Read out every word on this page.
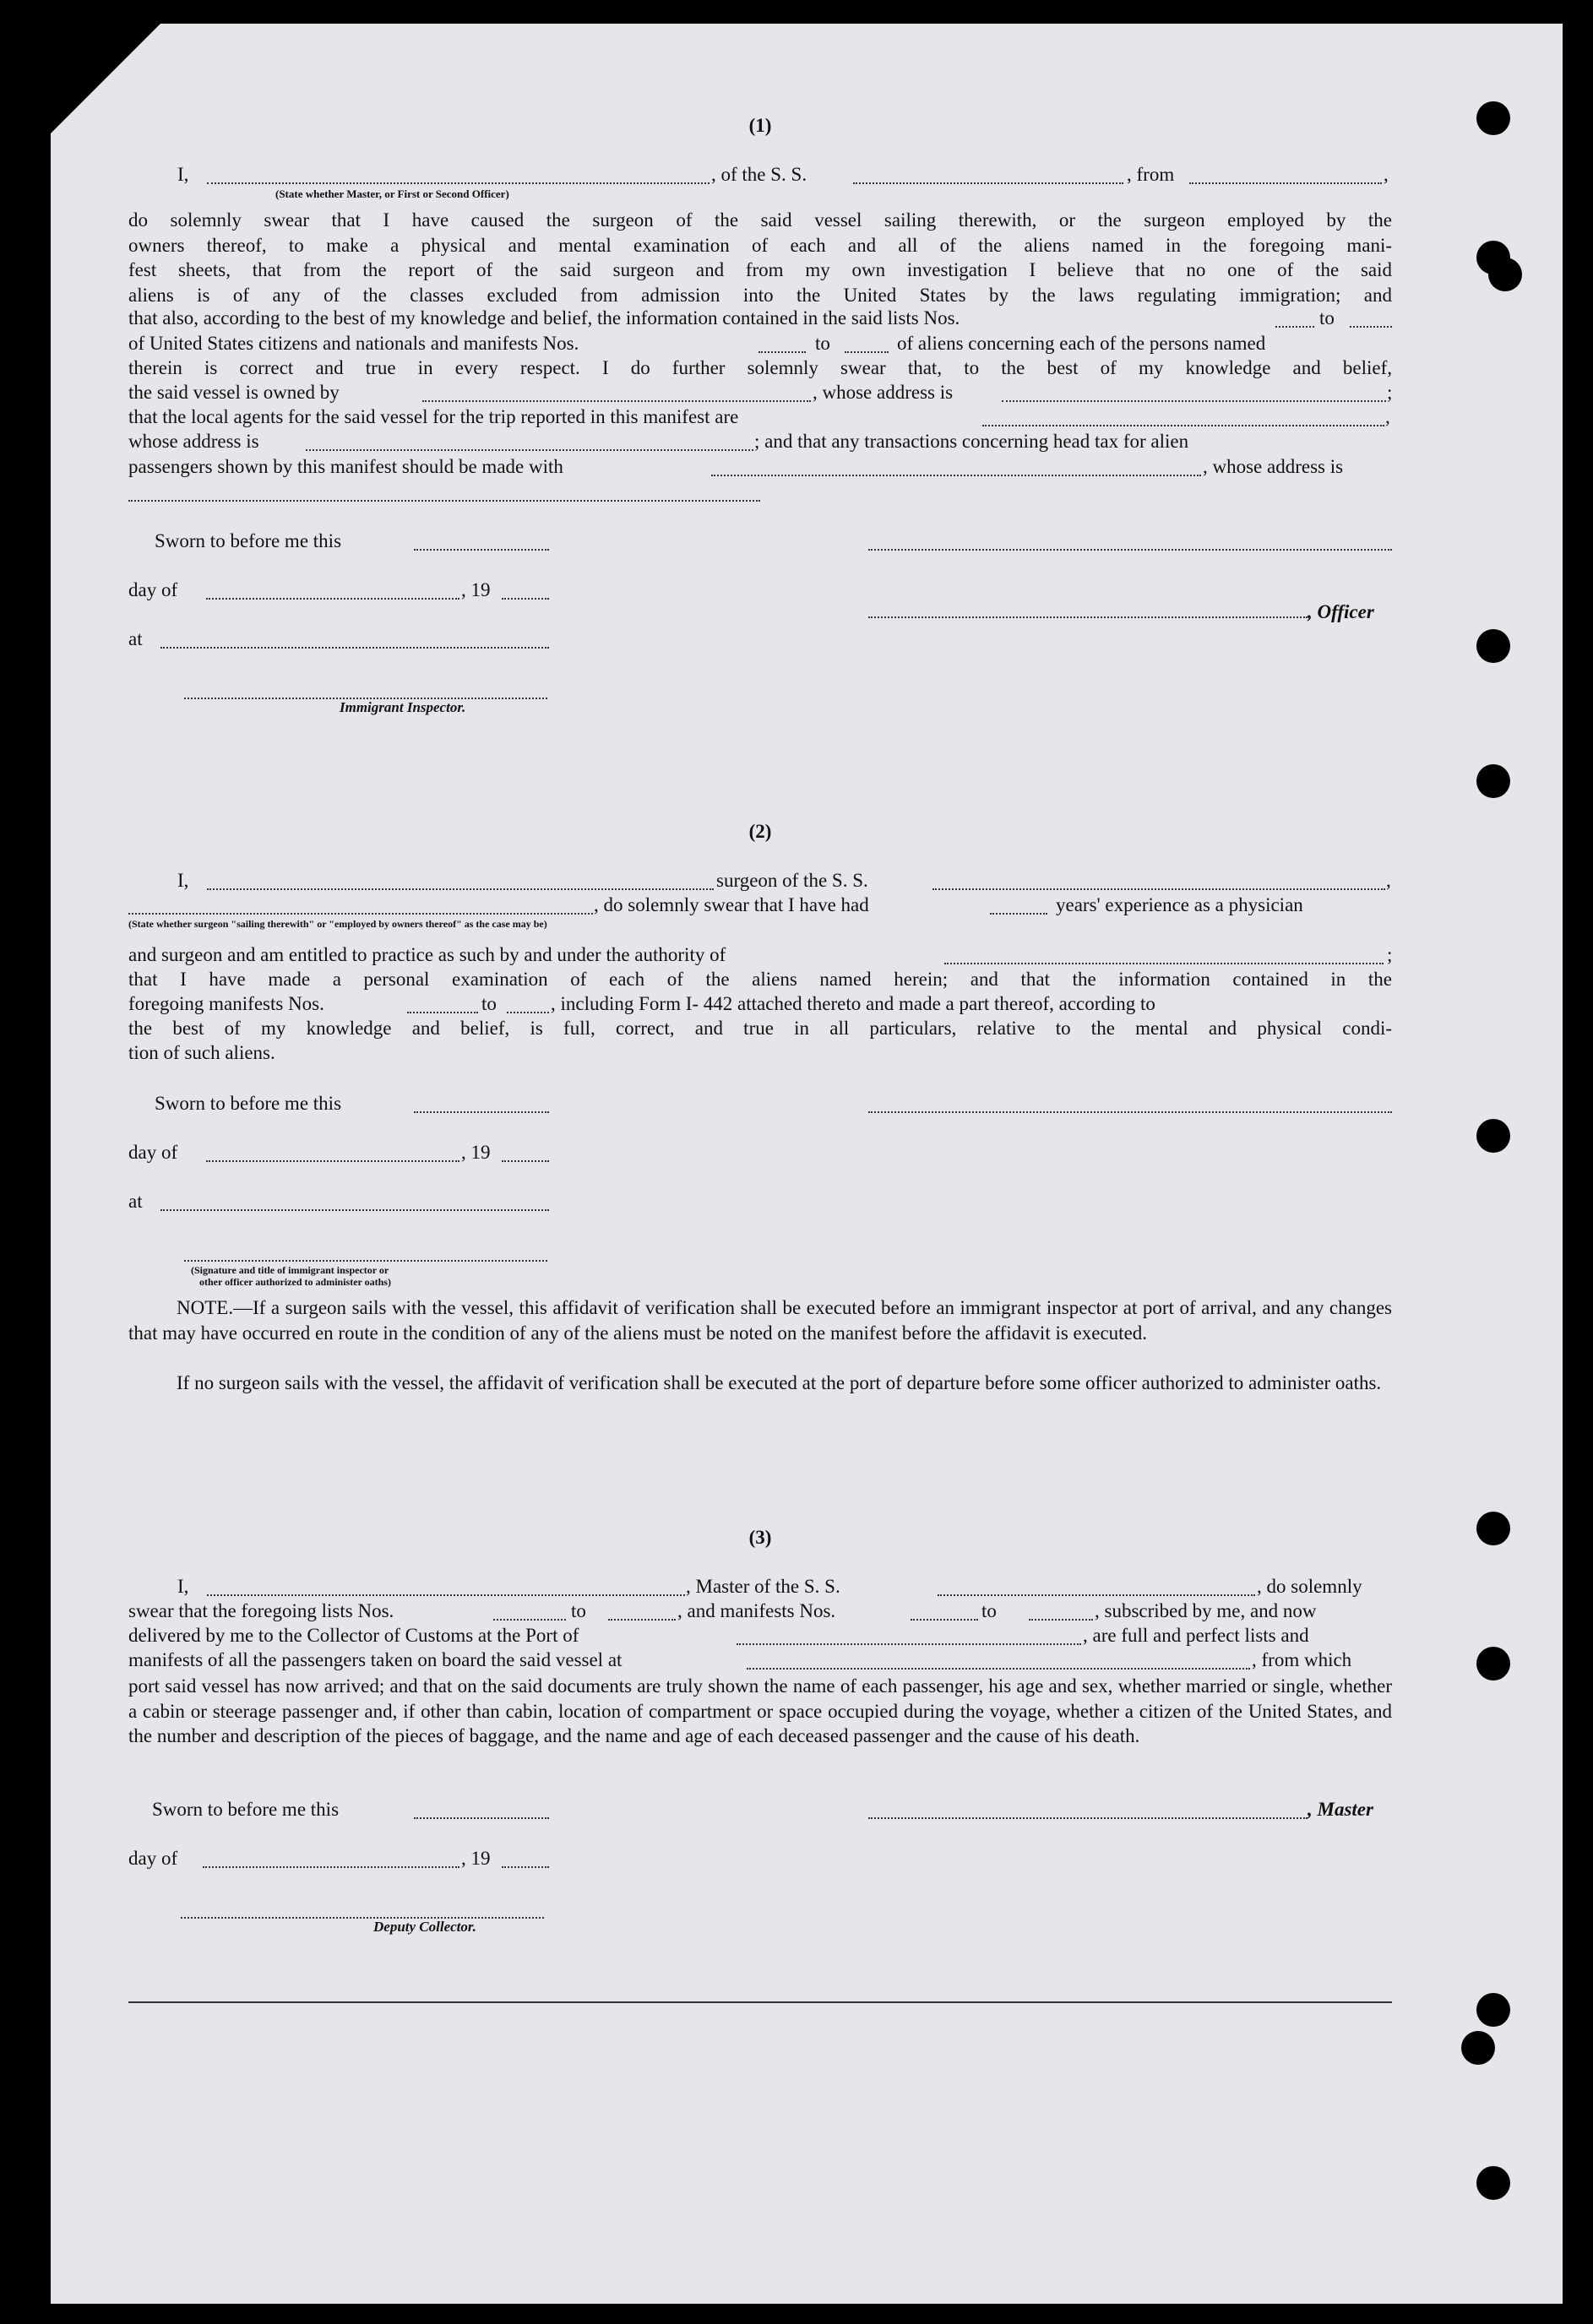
(1)
I,	, of the S. S.	, from	,
(State whether Master, or First or Second Officer)
do solemnly swear that I have caused the surgeon of the said vessel sailing therewith, or the surgeon employed by the
owners thereof, to make a physical and mental examination of each and all of the aliens named in the foregoing mani-
fest sheets, that from the report of the said surgeon and from my own investigation I believe that no one of the said
aliens is of any of the classes excluded from admission into the United States by the laws regulating immigration; and
that also, according to the best of my knowledge and belief, the information contained in the said lists Nos.	to
of United States citizens and nationals and manifests Nos.	to	of aliens concerning each of the persons named
therein is correct and true in every respect. I do further solemnly swear that, to the best of my knowledge and belief,
the said vessel is owned by	, whose address is	;
that the local agents for the said vessel for the trip reported in this manifest are	,
whose address is	; and that any transactions concerning head tax for alien
passengers shown by this manifest should be made with	, whose address is
Sworn to before me this
day of	, 19
, Officer
at
Immigrant Inspector.
(2)
I,	surgeon of the S. S.	,
, do solemnly swear that I have had	years' experience as a physician
(State whether surgeon "sailing therewith" or "employed by owners thereof" as the case may be)
and surgeon and am entitled to practice as such by and under the authority of	;
that I have made a personal examination of each of the aliens named herein; and that the information contained in the
foregoing manifests Nos.	to	, including Form I- 442 attached thereto and made a part thereof, according to
the best of my knowledge and belief, is full, correct, and true in all particulars, relative to the mental and physical condi-
tion of such aliens.
Sworn to before me this
day of	, 19
at
(Signature and title of immigrant inspector or
other officer authorized to administer oaths)
NOTE.—If a surgeon sails with the vessel, this affidavit of verification shall be executed before an immigrant inspector at port of arrival, and any changes that may have occurred en route in the condition of any of the aliens must be noted on the manifest before the affidavit is executed.
If no surgeon sails with the vessel, the affidavit of verification shall be executed at the port of departure before some officer authorized to administer oaths.
(3)
I,	, Master of the S. S.	, do solemnly
swear that the foregoing lists Nos.	to	, and manifests Nos.	to	, subscribed by me, and now
delivered by me to the Collector of Customs at the Port of	, are full and perfect lists and
manifests of all the passengers taken on board the said vessel at	, from which
port said vessel has now arrived; and that on the said documents are truly shown the name of each passenger, his age and sex, whether married or single, whether a cabin or steerage passenger and, if other than cabin, location of compartment or space occupied during the voyage, whether a citizen of the United States, and the number and description of the pieces of baggage, and the name and age of each deceased passenger and the cause of his death.
Sworn to before me this	, Master
day of	, 19
Deputy Collector.
